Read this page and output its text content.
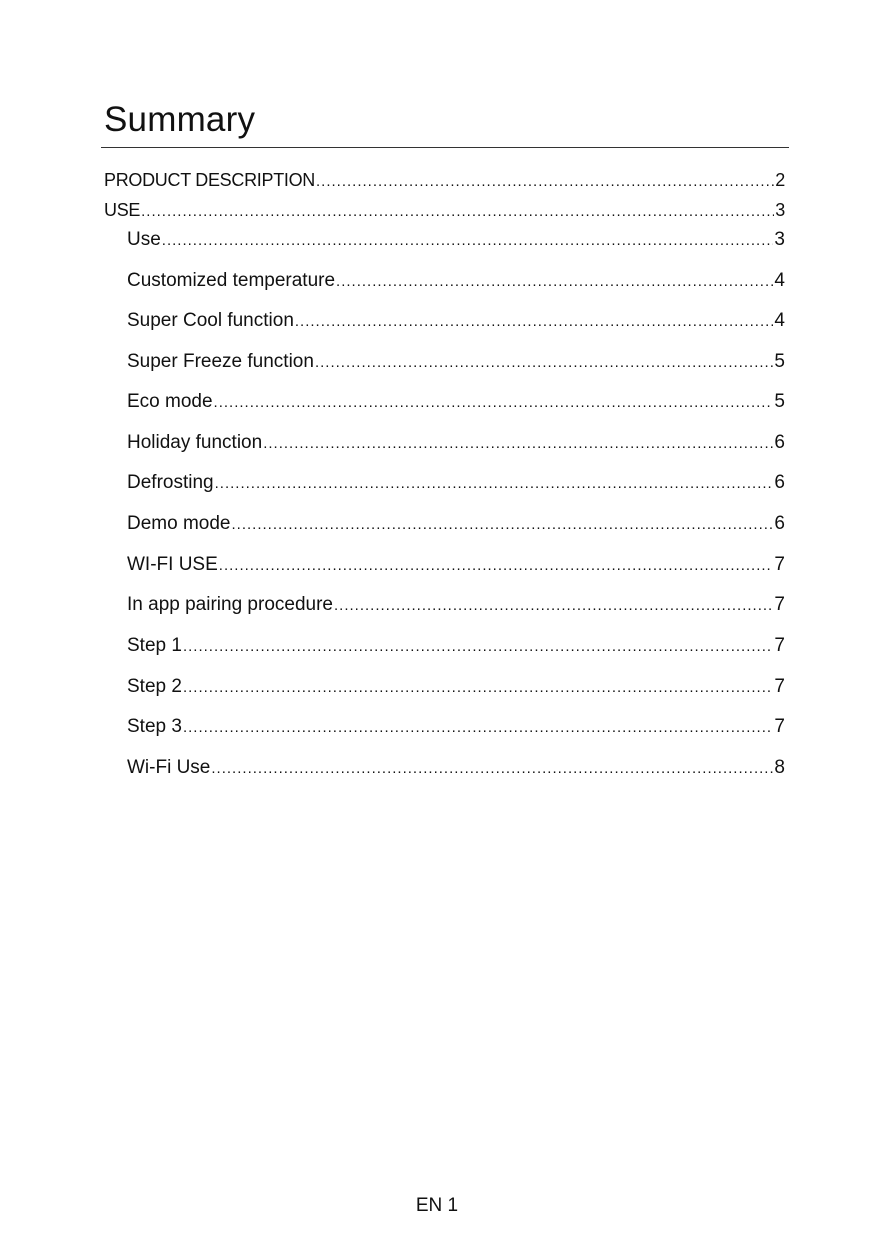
Summary
PRODUCT DESCRIPTION .....	2
USE .....	3
Use .....	3
Customized temperature .....	4
Super Cool function .....	4
Super Freeze function .....	5
Eco mode .....	5
Holiday function .....	6
Defrosting .....	6
Demo mode .....	6
WI-FI USE .....	7
In app pairing procedure .....	7
Step 1 .....	7
Step 2 .....	7
Step 3 .....	7
Wi-Fi Use .....	8
EN 1
